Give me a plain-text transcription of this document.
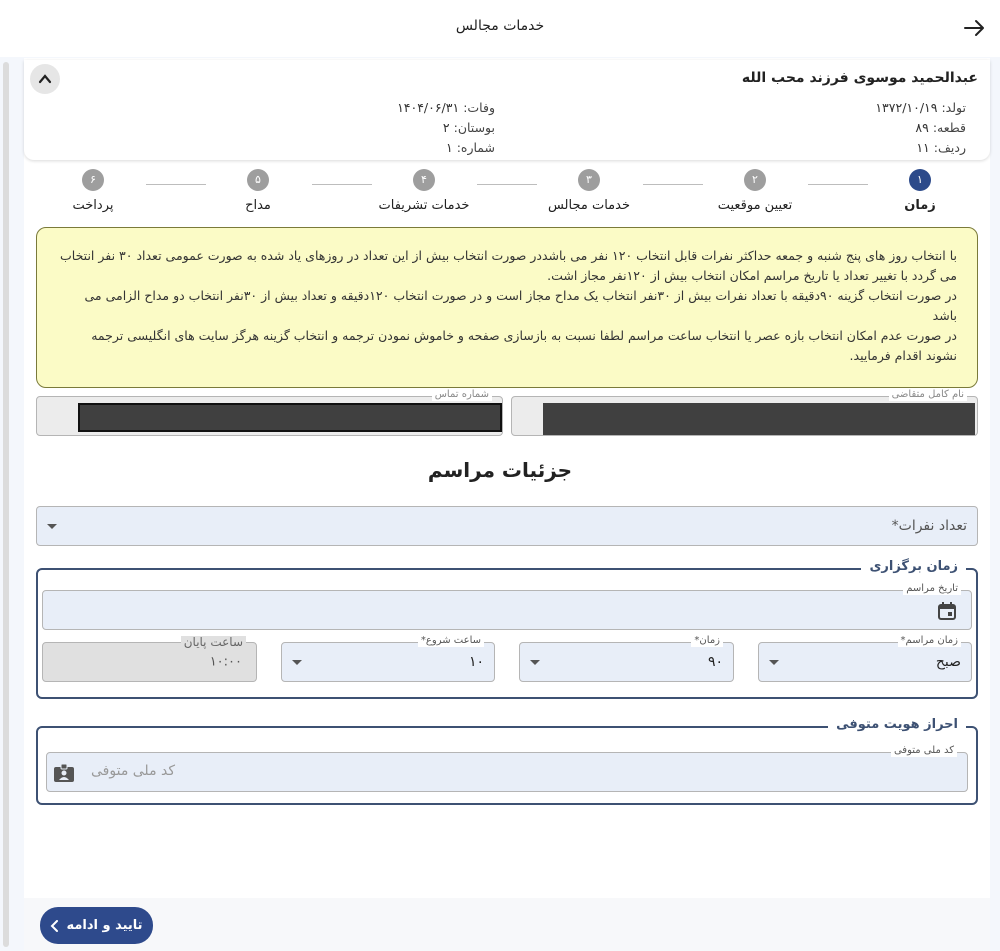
خدمات مجالس
عبدالحمید موسوی فرزند محب الله
تولد: ۱۳۷۲/۱۰/۱۹
قطعه: ۸۹
ردیف: ۱۱
وفات: ۱۴۰۴/۰۶/۳۱
بوستان: ۲
شماره: ۱
۱
زمان
۲
تعیین موقعیت
۳
خدمات مجالس
۴
خدمات تشریفات
۵
مداح
۶
پرداخت
با انتخاب روز های پنج شنبه و جمعه حداکثر نفرات قابل انتخاب ۱۲۰ نفر می باشددر صورت انتخاب بیش از این تعداد در روزهای یاد شده به صورت عمومی تعداد ۳۰ نفر انتخاب می گردد با تغییر تعداد یا تاریخ مراسم امکان انتخاب بیش از ۱۲۰نفر مجاز اشت.
در صورت انتخاب گزینه ۹۰دقیقه با تعداد نفرات بیش از ۳۰نفر انتخاب یک مداح مجاز است و در صورت انتخاب ۱۲۰دقیقه و تعداد بیش از ۳۰نفر انتخاب دو مداح الزامی می باشد
در صورت عدم امکان انتخاب بازه عصر یا انتخاب ساعت مراسم لطفا نسبت به بازسازی صفحه و خاموش نمودن ترجمه و انتخاب گزینه هرگز سایت های انگلیسی ترجمه نشوند اقدام فرمایید.
نام کامل متقاضی
شماره تماس
جزئیات مراسم
تعداد نفرات*
زمان برگزاری
تاریخ مراسم
زمان مراسم*
صبح
زمان*
۹۰
ساعت شروع*
۱۰
ساعت پایان
۱۰:۰۰
احراز هویت متوفی
کد ملی متوفی
کد ملی متوفی
تایید و ادامه
